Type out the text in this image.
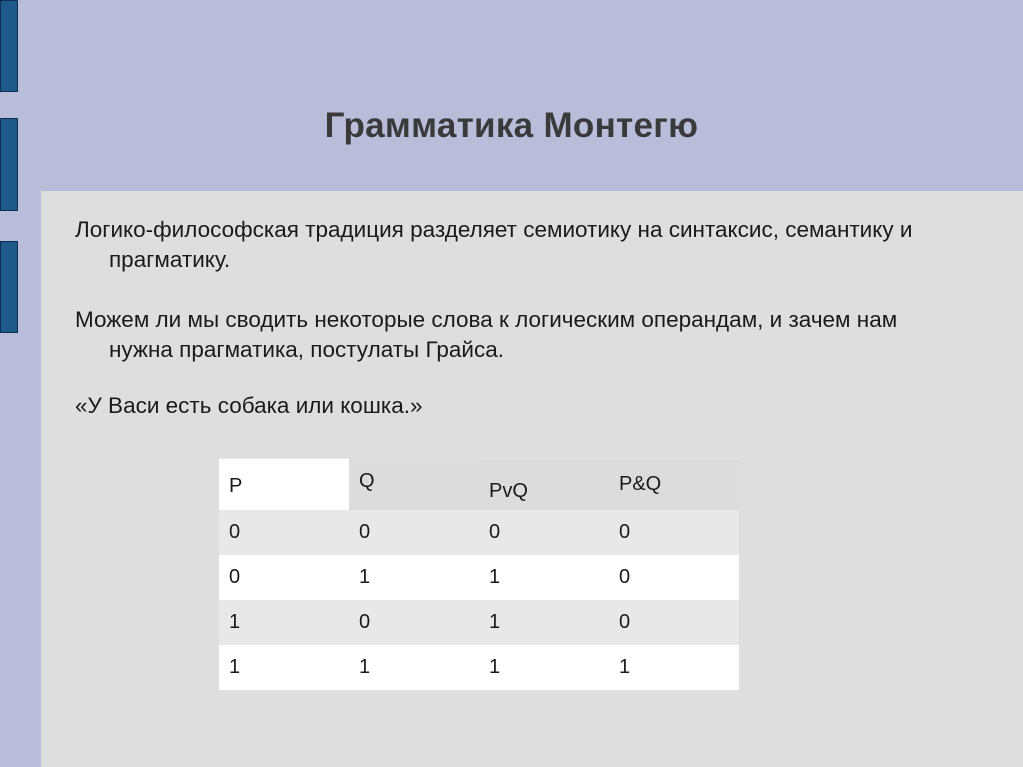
Грамматика Монтегю
Логико-философская традиция разделяет семиотику на синтаксис, семантику и прагматику.
Можем ли мы сводить некоторые слова к логическим операндам, и зачем нам нужна прагматика, постулаты Грайса.
«У Васи есть собака или кошка.»
P	Q	PvQ	P&Q
0	0	0	0
0	1	1	0
1	0	1	0
1	1	1	1
